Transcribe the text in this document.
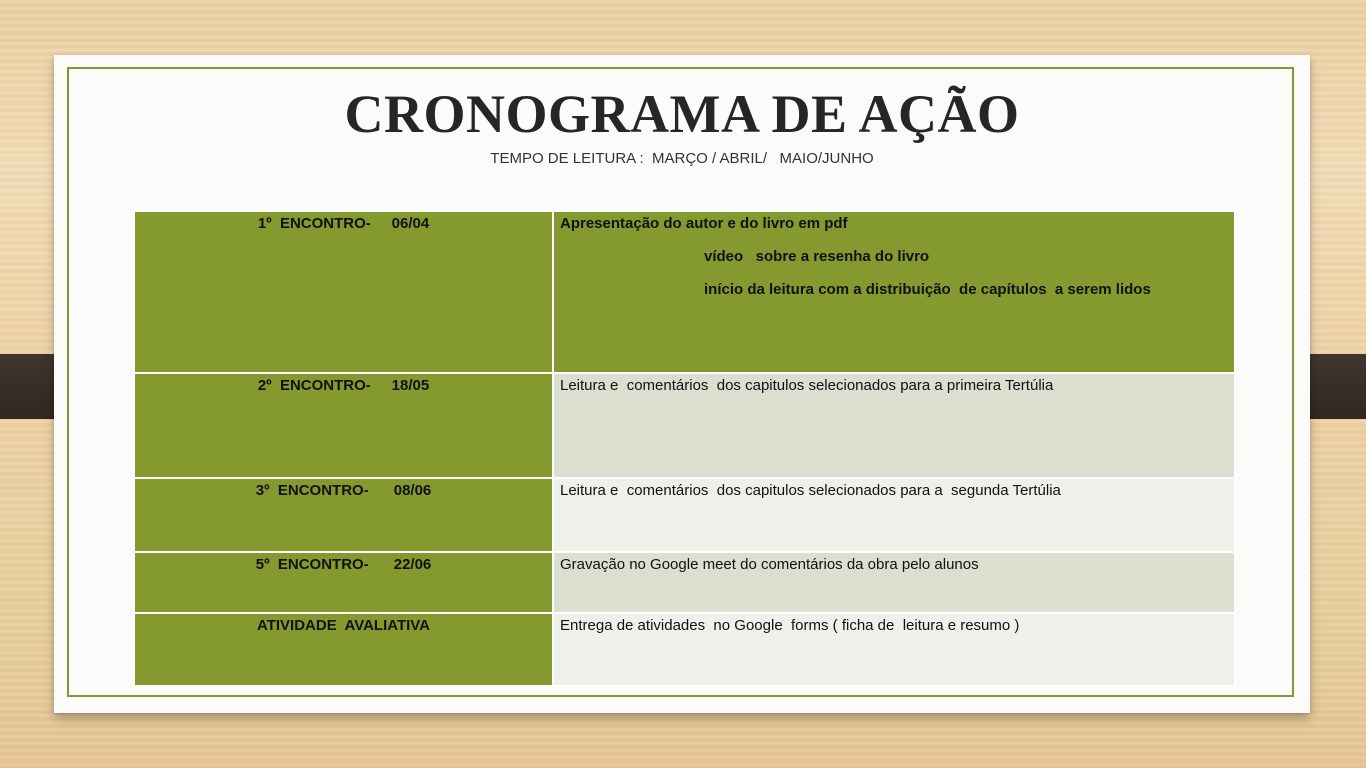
CRONOGRAMA DE AÇÃO
TEMPO DE LEITURA :  MARÇO / ABRIL/   MAIO/JUNHO
1º  ENCONTRO-     06/04	Apresentação do autor e do livro em pdf
vídeo   sobre a resenha do livro
início da leitura com a distribuição  de capítulos  a serem lidos

2º  ENCONTRO-     18/05	Leitura e  comentários  dos capitulos selecionados para a primeira Tertúlia

3º  ENCONTRO-      08/06	Leitura e  comentários  dos capitulos selecionados para a  segunda Tertúlia

5º  ENCONTRO-      22/06	Gravação no Google meet do comentários da obra pelo alunos

ATIVIDADE  AVALIATIVA	Entrega de atividades  no Google  forms ( ficha de  leitura e resumo )
